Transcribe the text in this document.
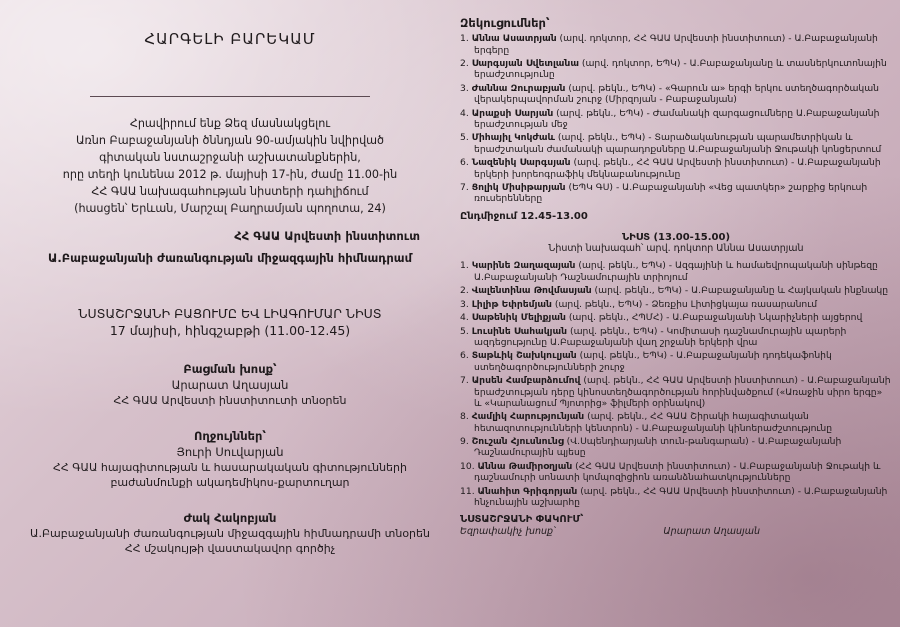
ՀԱՐԳԵԼԻ ԲԱՐԵԿԱՄ

Հրավիրում ենք Ձեզ մասնակցելու

Առնո Բաբաջանյանի ծննդյան 90-ամյակին նվիրված

գիտական նստաշրջանի աշխատանքներին,

որը տեղի կունենա 2012 թ. մայիսի 17-ին, ժամը 11.00-ին

ՀՀ ԳԱԱ նախագահության նիստերի դահլիճում

(հասցեն՝ Երևան, Մարշալ Բաղրամյան պողոտա, 24)

ՀՀ ԳԱԱ Արվեստի ինստիտուտ
Ա.Բաբաջանյանի ժառանգության միջազգային հիմնադրամ
ՆՍՏԱՇՐՋԱՆԻ ԲԱՑՈՒՄԸ ԵՎ ԼԻԱԳՈՒՄԱՐ ՆԻՍՏ
17 մայիսի, հինգշաբթի (11.00-12.45)
Բացման խոսք՝
Արարատ Աղասյան
ՀՀ ԳԱԱ Արվեստի ինստիտուտի տնօրեն
Ողջույններ՝
Յուրի Սուվարյան
ՀՀ ԳԱԱ հայագիտության և հասարակական գիտությունների
բաժանմունքի ակադեմիկոս-քարտուղար
Ժակ Հակոբյան
Ա.Բաբաջանյանի ժառանգության միջազգային հիմնադրամի տնօրեն
ՀՀ մշակույթի վաստակավոր գործիչ
Զեկուցումներ՝
1. Աննա Ասատրյան (արվ. դոկտոր, ՀՀ ԳԱԱ Արվեստի ինստիտուտ) - Ա.Բաբաջանյանի երգերը
2. Սարգսյան Սվետլանա (արվ. դոկտոր, ԵՊԿ) - Ա.Բաբաջանյանը և տասներկուտոնային երաժշտությունը
3. Ժաննա Զուրաբյան (արվ. թեկն., ԵՊԿ) - «Գարուն ա» երգի երկու ստեղծագործական վերակերպավորման շուրջ (Միրզոյան - Բաբաջանյան)
4. Արաքսի Սարյան (արվ. թեկն., ԵՊԿ) - Ժամանակի զարգացումները Ա.Բաբաջանյանի երաժշտության մեջ
5. Միհայիլ Կոկժաև (արվ. թեկն., ԵՊԿ) - Տարածականության պարամետրիկան և երաժշտական ժամանակի պարադոքսները Ա.Բաբաջանյանի Ջութակի կոնցերտում
6. Նազենիկ Սարգսյան (արվ. թեկն., ՀՀ ԳԱԱ Արվեստի ինստիտուտ) - Ա.Բաբաջանյանի երկերի խորեոգրաֆիկ մեկնաբանությունը
7. Ցոլիկ Միսիթարյան (ԵՊԿ ԳՍ) - Ա.Բաբաջանյանի «Վեց պատկեր» շարքից երկուսի ռուսերենները
Ընդմիջում 12.45-13.00
ՆԻՍՏ (13.00-15.00)
Նիստի նախագահ՝ արվ. դոկտոր Աննա Ասատրյան
1. Կարինե Զաղազայան (արվ. թեկն., ԵՊԿ) - Ազգայինի և համաեվրոպականի սինթեզը Ա.Բաբաջանյանի Դաշնամուրային տրիոյում
2. Վալենտինա Թովմասյան (արվ. թեկն., ԵՊԿ) - Ա.Բաբաջանյանը և Հայկական ինքնակը
3. Լիլիթ Եփրեմյան (արվ. թեկն., ԵՊԿ) - Ձեռքիս Լիտիցկայա ռասարանում
4. Սաթենիկ Մելիքյան (արվ. թեկն., ՀՊՄՀ) - Ա.Բաբաջանյանի Նկարիչների այցերով
5. Լուսինե Սահակյան (արվ. թեկն., ԵՊԿ) - Կոմիտասի դաշնամուրային պարերի ազդեցությունը Ա.Բաբաջանյանի վաղ շրջանի երկերի վրա
6. Տաթևիկ Շախկուլյան (արվ. թեկն., ԵՊԿ) - Ա.Բաբաջանյանի դոդեկաֆոնիկ ստեղծագործությունների շուրջ
7. Արսեն Համբարձումով (արվ. թեկն., ՀՀ ԳԱԱ Արվեստի ինստիտուտ) - Ա.Բաբաջանյանի երաժշտության դերը կինոստեղծագործության հորինվածքում («Առաջին սիրո երգը» և «Կարանացում Պյոտրից» ֆիլմերի օրինակով)
8. Համլիկ Հարությունյան (արվ. թեկն., ՀՀ ԳԱԱ Շիրակի հայագիտական հետազոտությունների կենտրոն) - Ա.Բաբաջանյանի կինոերաժշտությունը
9. Շուշան Հյուսնունց (Վ.Սպենդիարյանի տուն-թանգարան) - Ա.Բաբաջանյանի Դաշնամուրային պյեսը
10. Աննա Թամիրօղյան (ՀՀ ԳԱԱ Արվեստի ինստիտուտ) - Ա.Բաբաջանյանի Ջութակի և դաշնամուրի սոնատի կոմպոզիցիոն առանձնահատկությունները
11. Անահիտ Գրիգորյան (արվ. թեկն., ՀՀ ԳԱԱ Արվեստի ինստիտուտ) - Ա.Բաբաջանյանի հնչունային աշխարհը
ՆՍՏԱՇՐՋԱՆԻ ՓԱԿՈՒՄ՝
Եզրափակիչ խոսք՝	Արարատ Աղասյան
